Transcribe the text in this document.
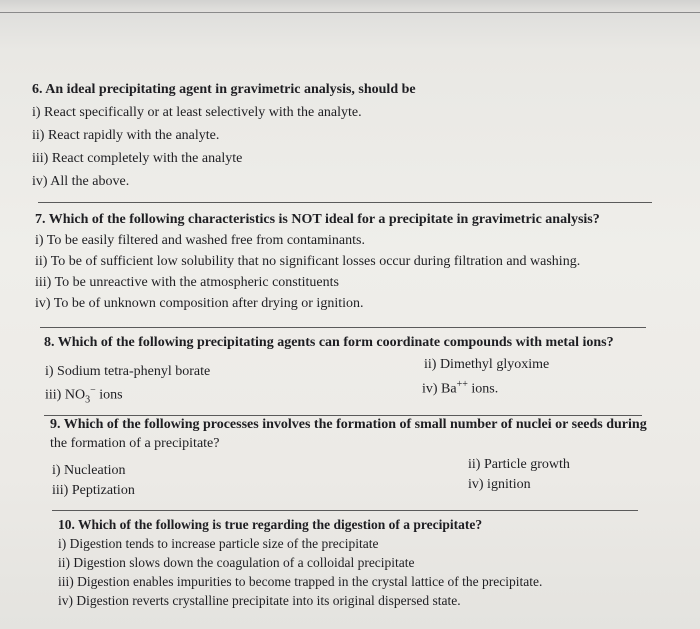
6. An ideal precipitating agent in gravimetric analysis, should be
i) React specifically or at least selectively with the analyte.
ii) React rapidly with the analyte.
iii) React completely with the analyte
iv) All the above.
7. Which of the following characteristics is NOT ideal for a precipitate in gravimetric analysis?
i) To be easily filtered and washed free from contaminants.
ii) To be of sufficient low solubility that no significant losses occur during filtration and washing.
iii) To be unreactive with the atmospheric constituents
iv) To be of unknown composition after drying or ignition.
8. Which of the following precipitating agents can form coordinate compounds with metal ions?
i) Sodium tetra-phenyl borate
iii) $NO_3^-$ ions
ii) Dimethyl glyoxime
iv) Ba++ ions.
9. Which of the following processes involves the formation of small number of nuclei or seeds during
the formation of a precipitate?
i) Nucleation
iii) Peptization
ii) Particle growth
iv) ignition
10. Which of the following is true regarding the digestion of a precipitate?
i) Digestion tends to increase particle size of the precipitate
ii) Digestion slows down the coagulation of a colloidal precipitate
iii) Digestion enables impurities to become trapped in the crystal lattice of the precipitate.
iv) Digestion reverts crystalline precipitate into its original dispersed state.
